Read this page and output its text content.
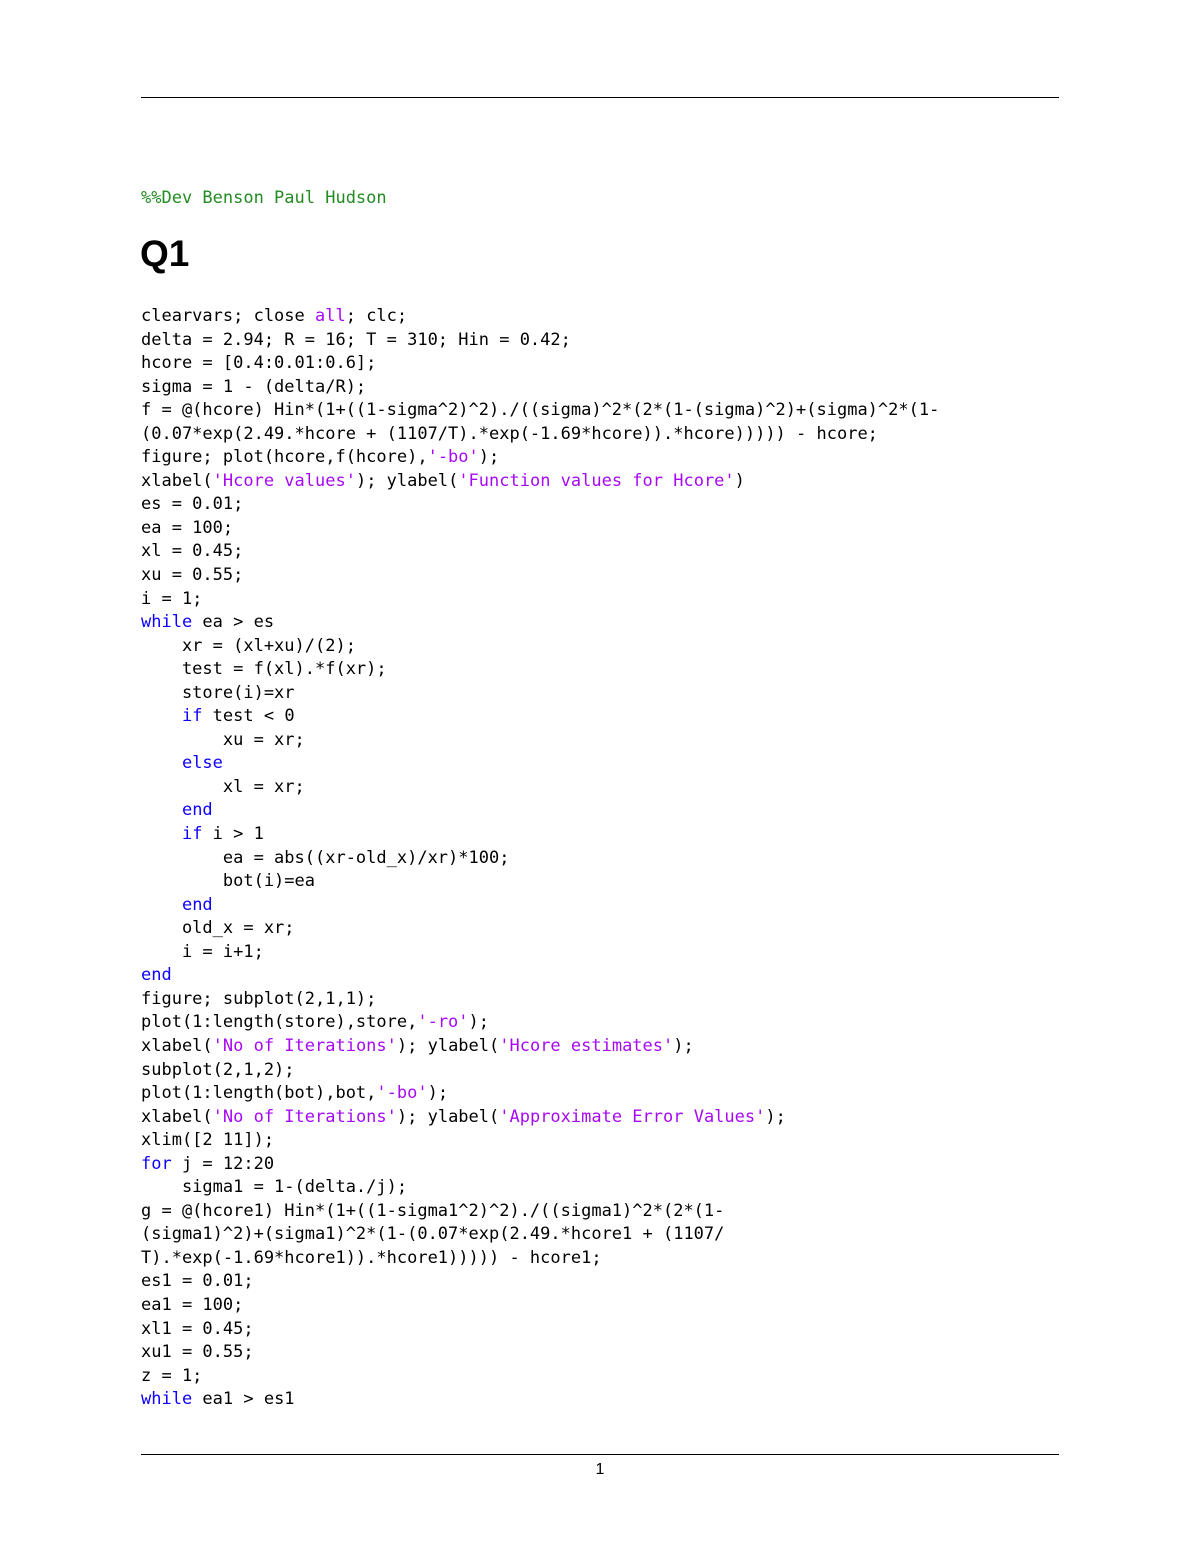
%%Dev Benson Paul Hudson

Q1
clearvars; close all; clc;
delta = 2.94; R = 16; T = 310; Hin = 0.42;
hcore = [0.4:0.01:0.6];
sigma = 1 - (delta/R);
f = @(hcore) Hin*(1+((1-sigma^2)^2)./((sigma)^2*(2*(1-(sigma)^2)+(sigma)^2*(1-
(0.07*exp(2.49.*hcore + (1107/T).*exp(-1.69*hcore)).*hcore))))) - hcore;
figure; plot(hcore,f(hcore),'-bo');
xlabel('Hcore values'); ylabel('Function values for Hcore')
es = 0.01;
ea = 100;
xl = 0.45;
xu = 0.55;
i = 1;
while ea > es
xr = (xl+xu)/(2);
test = f(xl).*f(xr);
store(i)=xr
if test < 0
xu = xr;
else
xl = xr;
end
if i > 1
ea = abs((xr-old_x)/xr)*100;
bot(i)=ea
end
old_x = xr;
i = i+1;
end
figure; subplot(2,1,1);
plot(1:length(store),store,'-ro');
xlabel('No of Iterations'); ylabel('Hcore estimates');
subplot(2,1,2);
plot(1:length(bot),bot,'-bo');
xlabel('No of Iterations'); ylabel('Approximate Error Values');
xlim([2 11]);
for j = 12:20
sigma1 = 1-(delta./j);
g = @(hcore1) Hin*(1+((1-sigma1^2)^2)./((sigma1)^2*(2*(1-
(sigma1)^2)+(sigma1)^2*(1-(0.07*exp(2.49.*hcore1 + (1107/
T).*exp(-1.69*hcore1)).*hcore1))))) - hcore1;
es1 = 0.01;
ea1 = 100;
xl1 = 0.45;
xu1 = 0.55;
z = 1;
while ea1 > es1
1
